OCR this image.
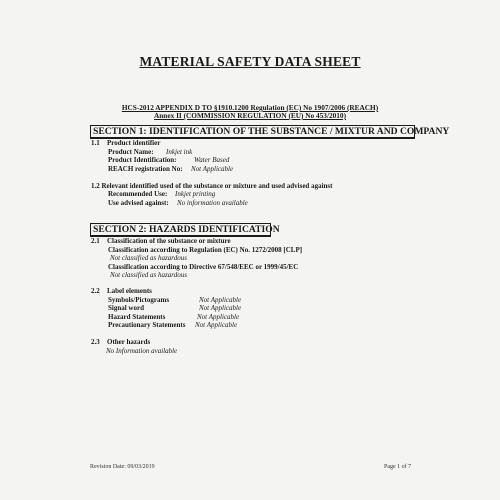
MATERIAL SAFETY DATA SHEET
HCS-2012 APPENDIX D TO §1910.1200 Regulation (EC) No 1907/2006 (REACH)
Annex II (COMMISSION REGULATION (EU) No 453/2010)
SECTION 1: IDENTIFICATION OF THE SUBSTANCE / MIXTUR AND COMPANY
1.1 Product identifier
Product Name: Inkjet ink
Product Identification: Water Based
REACH registration No: Not Applicable
1.2 Relevant identified used of the substance or mixture and used advised against
Recommended Use: Inkjet printing
Use advised against: No information available
SECTION 2: HAZARDS IDENTIFICATION
2.1 Classification of the substance or mixture
Classification according to Regulation (EC) No. 1272/2008 [CLP]
Not classified as hazardous
Classification according to Directive 67/548/EEC or 1999/45/EC
Not classified as hazardous
2.2 Label elements
Symbols/Pictograms	Not Applicable
Signal word	Not Applicable
Hazard Statements	Not Applicable
Precautionary Statements Not Applicable
2.3 Other hazards
No Information available
Revision Date: 09/03/2019	Page 1 of 7
